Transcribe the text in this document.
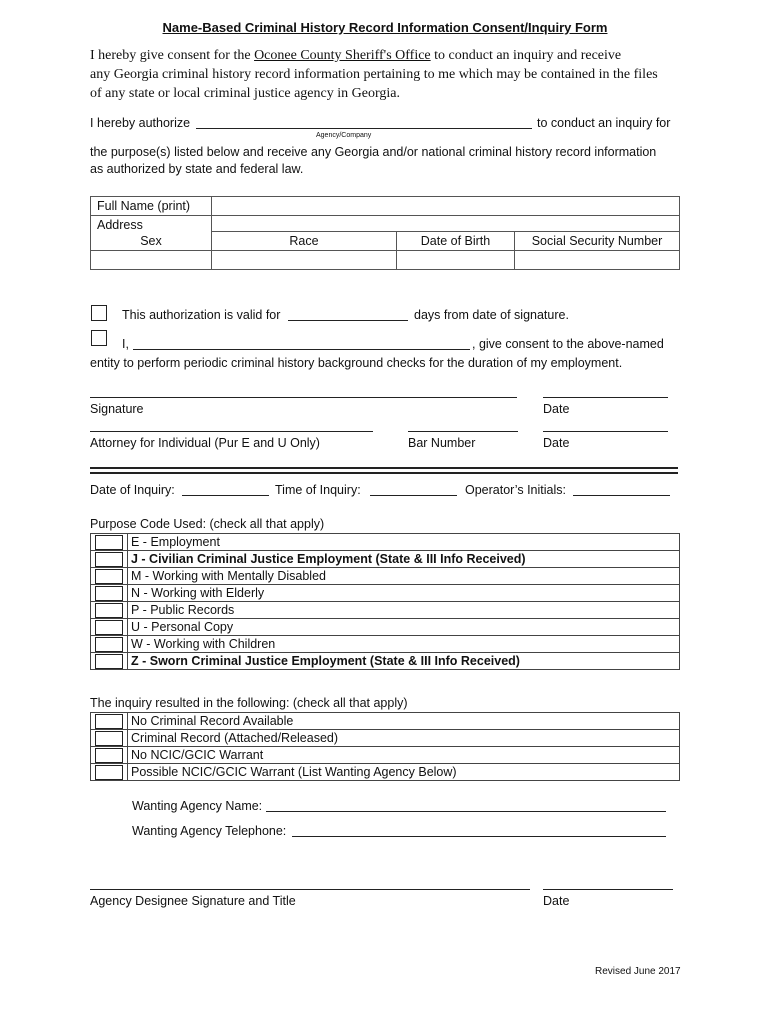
Name-Based Criminal History Record Information Consent/Inquiry Form
I hereby give consent for the Oconee County Sheriff's Office to conduct an inquiry and receive
any Georgia criminal history record information pertaining to me which may be contained in the files
of any state or local criminal justice agency in Georgia.
I hereby authorize	to conduct an inquiry for
Agency/Company
the purpose(s) listed below and receive any Georgia and/or national criminal history record information
as authorized by state and federal law.
Full Name (print)			
Address			
Sex	Race	Date of Birth	Social Security Number

This authorization is valid for	days from date of signature.
I,	, give consent to the above-named
entity to perform periodic criminal history background checks for the duration of my employment.
Signature	Date
Attorney for Individual (Pur E and U Only)	Bar Number	Date
Date of Inquiry:	Time of Inquiry:	Operator’s Initials:
Purpose Code Used: (check all that apply)
	E - Employment

	J - Civilian Criminal Justice Employment (State & III Info Received)

	M - Working with Mentally Disabled

	N - Working with Elderly

	P - Public Records

	U - Personal Copy

	W - Working with Children

	Z - Sworn Criminal Justice Employment (State & III Info Received)
The inquiry resulted in the following: (check all that apply)
	No Criminal Record Available

	Criminal Record (Attached/Released)

	No NCIC/GCIC Warrant

	Possible NCIC/GCIC Warrant (List Wanting Agency Below)
Wanting Agency Name:
Wanting Agency Telephone:
Agency Designee Signature and Title	Date
Revised June 2017
